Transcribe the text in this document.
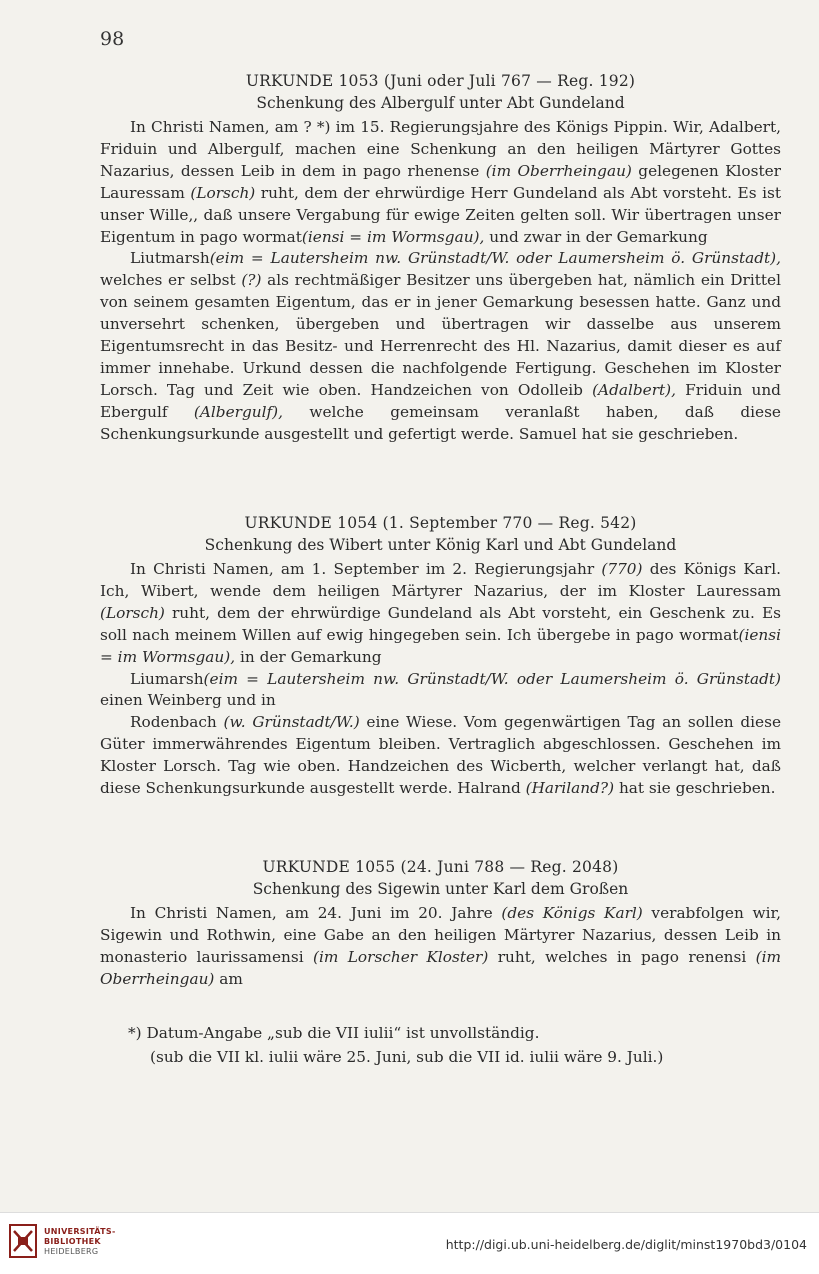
98
URKUNDE 1053 (Juni oder Juli 767 — Reg. 192)
Schenkung des Albergulf unter Abt Gundeland

In Christi Namen, am ? *) im 15. Regierungsjahre des Königs Pippin. Wir, Adalbert, Friduin und Albergulf, machen eine Schenkung an den heiligen Märtyrer Gottes Nazarius, dessen Leib in dem in pago rhenense (im Oberrheingau) gelegenen Kloster Lauressam (Lorsch) ruht, dem der ehrwürdige Herr Gundeland als Abt vorsteht. Es ist unser Wille,, daß unsere Vergabung für ewige Zeiten gelten soll. Wir übertragen unser Eigentum in pago wormat(iensi = im Wormsgau), und zwar in der Gemarkung

Liutmarsh(eim = Lautersheim nw. Grünstadt/W. oder Laumersheim ö. Grünstadt), welches er selbst (?) als rechtmäßiger Besitzer uns übergeben hat, nämlich ein Drittel von seinem gesamten Eigentum, das er in jener Gemarkung besessen hatte. Ganz und unversehrt schenken, übergeben und übertragen wir dasselbe aus unserem Eigentumsrecht in das Besitz- und Herrenrecht des Hl. Nazarius, damit dieser es auf immer innehabe. Urkund dessen die nachfolgende Fertigung. Geschehen im Kloster Lorsch. Tag und Zeit wie oben. Handzeichen von Odolleib (Adalbert), Friduin und Ebergulf (Albergulf), welche gemeinsam veranlaßt haben, daß diese Schenkungsurkunde ausgestellt und gefertigt werde. Samuel hat sie geschrieben.

URKUNDE 1054 (1. September 770 — Reg. 542)
Schenkung des Wibert unter König Karl und Abt Gundeland

In Christi Namen, am 1. September im 2. Regierungsjahr (770) des Königs Karl. Ich, Wibert, wende dem heiligen Märtyrer Nazarius, der im Kloster Lauressam (Lorsch) ruht, dem der ehrwürdige Gundeland als Abt vorsteht, ein Geschenk zu. Es soll nach meinem Willen auf ewig hingegeben sein. Ich übergebe in pago wormat(iensi = im Wormsgau), in der Gemarkung

Liumarsh(eim = Lautersheim nw. Grünstadt/W. oder Laumersheim ö. Grünstadt) einen Weinberg und in

Rodenbach (w. Grünstadt/W.) eine Wiese. Vom gegenwärtigen Tag an sollen diese Güter immerwährendes Eigentum bleiben. Vertraglich abgeschlossen. Geschehen im Kloster Lorsch. Tag wie oben. Handzeichen des Wicberth, welcher verlangt hat, daß diese Schenkungsurkunde ausgestellt werde. Halrand (Hariland?) hat sie geschrieben.

URKUNDE 1055 (24. Juni 788 — Reg. 2048)
Schenkung des Sigewin unter Karl dem Großen

In Christi Namen, am 24. Juni im 20. Jahre (des Königs Karl) verabfolgen wir, Sigewin und Rothwin, eine Gabe an den heiligen Märtyrer Nazarius, dessen Leib in monasterio laurissamensi (im Lorscher Kloster) ruht, welches in pago renensi (im Oberrheingau) am

*) Datum-Angabe „sub die VII iulii“ ist unvollständig.
(sub die VII kl. iulii wäre 25. Juni, sub die VII id. iulii wäre 9. Juli.)
UNIVERSITÄTS-
BIBLIOTHEK
HEIDELBERG	http://digi.ub.uni-heidelberg.de/diglit/minst1970bd3/0104
